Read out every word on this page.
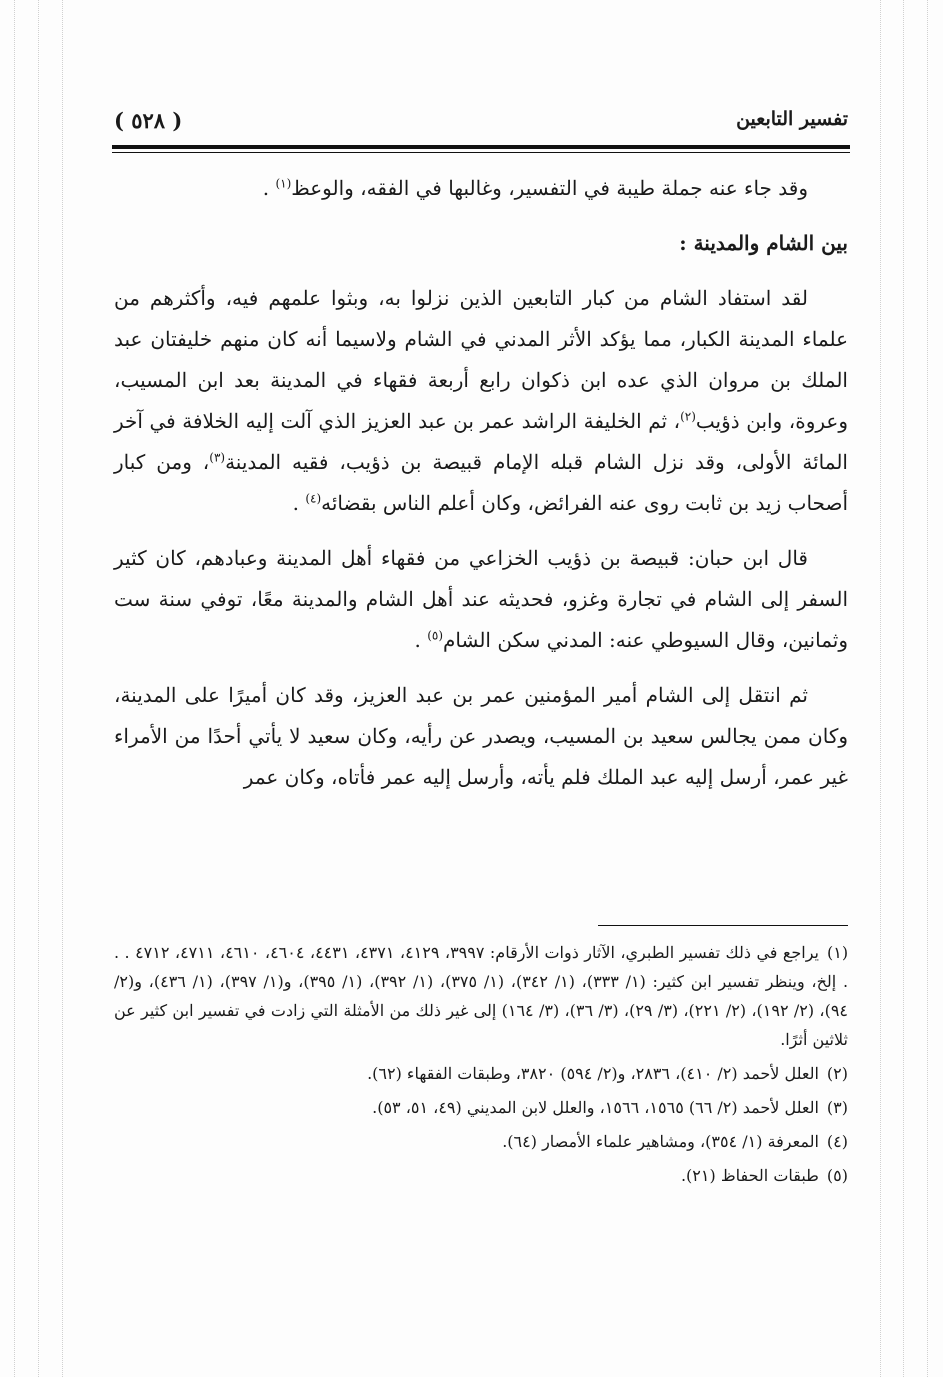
تفسير التابعين
( ٥٢٨ )

وقد جاء عنه جملة طيبة في التفسير، وغالبها في الفقه، والوعظ$^{(١)}$ .

بين الشام والمدينة :

لقد استفاد الشام من كبار التابعين الذين نزلوا به، وبثوا علمهم فيه، وأكثرهم من علماء المدينة الكبار، مما يؤكد الأثر المدني في الشام ولاسيما أنه كان منهم خليفتان عبد الملك بن مروان الذي عده ابن ذكوان رابع أربعة فقهاء في المدينة بعد ابن المسيب، وعروة، وابن ذؤيب$^{(٢)}$، ثم الخليفة الراشد عمر بن عبد العزيز الذي آلت إليه الخلافة في آخر المائة الأولى، وقد نزل الشام قبله الإمام قبيصة بن ذؤيب، فقيه المدينة$^{(٣)}$، ومن كبار أصحاب زيد بن ثابت روى عنه الفرائض، وكان أعلم الناس بقضائه$^{(٤)}$ .

قال ابن حبان: قبيصة بن ذؤيب الخزاعي من فقهاء أهل المدينة وعبادهم، كان كثير السفر إلى الشام في تجارة وغزو، فحديثه عند أهل الشام والمدينة معًا، توفي سنة ست وثمانين، وقال السيوطي عنه: المدني سكن الشام$^{(٥)}$ .

ثم انتقل إلى الشام أمير المؤمنين عمر بن عبد العزيز، وقد كان أميرًا على المدينة، وكان ممن يجالس سعيد بن المسيب، ويصدر عن رأيه، وكان سعيد لا يأتي أحدًا من الأمراء غير عمر، أرسل إليه عبد الملك فلم يأته، وأرسل إليه عمر فأتاه، وكان عمر

(١)يراجع في ذلك تفسير الطبري، الآثار ذوات الأرقام: ٣٩٩٧، ٤١٢٩، ٤٣٧١، ٤٤٣١، ٤٦٠٤، ٤٦١٠، ٤٧١١، ٤٧١٢ . . . إلخ، وينظر تفسير ابن كثير: (١/ ٣٣٣)، (١/ ٣٤٢)، (١/ ٣٧٥)، (١/ ٣٩٢)، (١/ ٣٩٥)، و(١/ ٣٩٧)، (١/ ٤٣٦)، و(٢/ ٩٤)، (٢/ ١٩٢)، (٢/ ٢٢١)، (٣/ ٢٩)، (٣/ ٣٦)، (٣/ ١٦٤) إلى غير ذلك من الأمثلة التي زادت في تفسير ابن كثير عن ثلاثين أثرًا.
(٢)العلل لأحمد (٢/ ٤١٠)، ٢٨٣٦، و(٢/ ٥٩٤) ٣٨٢٠، وطبقات الفقهاء (٦٢).
(٣)العلل لأحمد (٢/ ٦٦) ١٥٦٥، ١٥٦٦، والعلل لابن المديني (٤٩، ٥١، ٥٣).
(٤)المعرفة (١/ ٣٥٤)، ومشاهير علماء الأمصار (٦٤).
(٥)طبقات الحفاظ (٢١).
